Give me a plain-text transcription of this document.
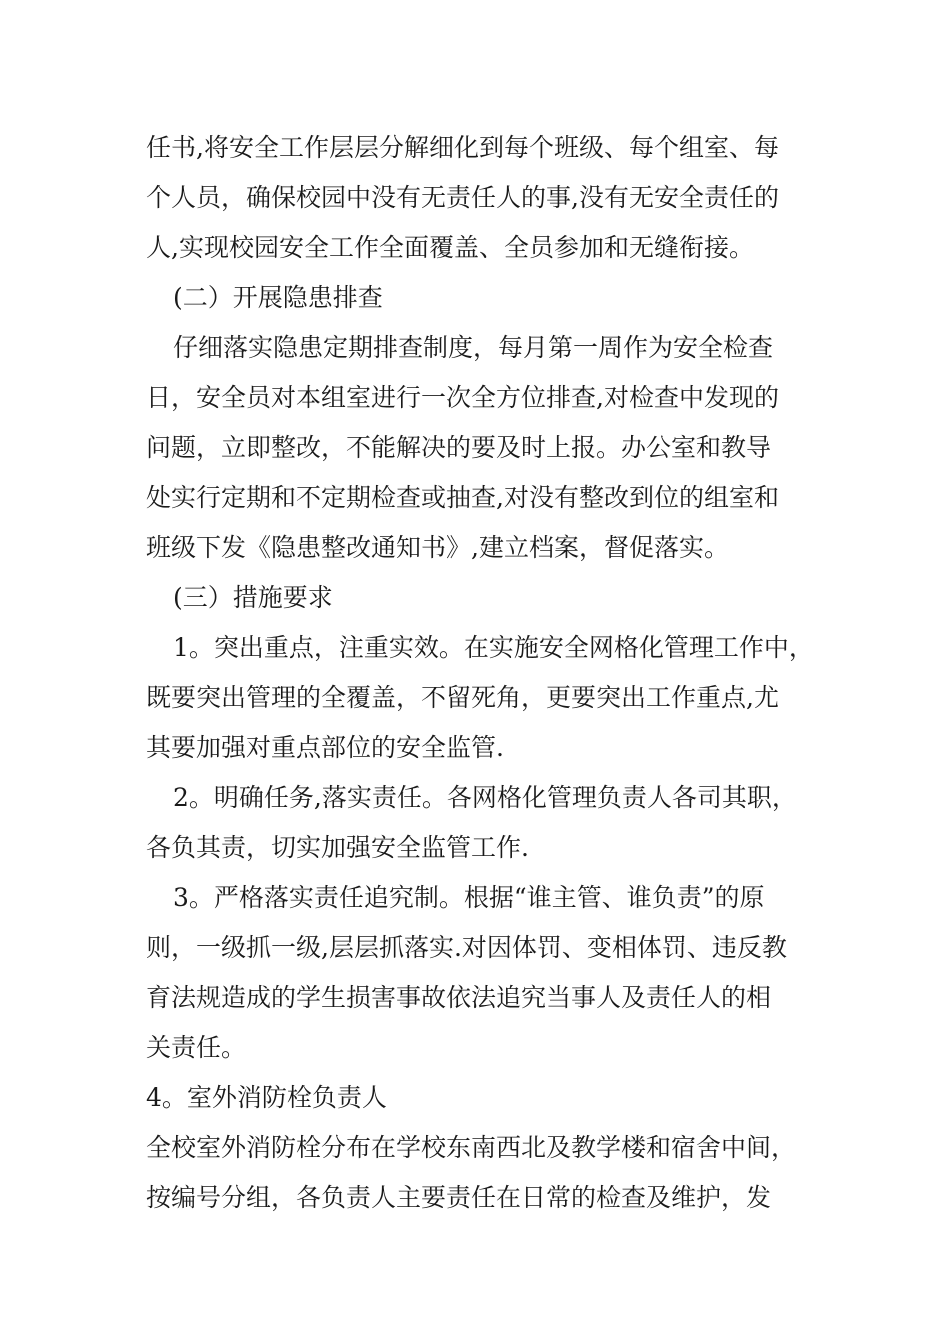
任书,将安全工作层层分解细化到每个班级、每个组室、每
个人员，确保校园中没有无责任人的事,没有无安全责任的
人,实现校园安全工作全面覆盖、全员参加和无缝衔接。
(二）开展隐患排查
仔细落实隐患定期排查制度，每月第一周作为安全检查
日，安全员对本组室进行一次全方位排查,对检查中发现的
问题，立即整改，不能解决的要及时上报。办公室和教导
处实行定期和不定期检查或抽查,对没有整改到位的组室和
班级下发《隐患整改通知书》,建立档案，督促落实。
(三）措施要求
1。突出重点，注重实效。在实施安全网格化管理工作中，
既要突出管理的全覆盖，不留死角，更要突出工作重点,尤
其要加强对重点部位的安全监管.
2。明确任务,落实责任。各网格化管理负责人各司其职，
各负其责，切实加强安全监管工作.
3。严格落实责任追究制。根据“谁主管、谁负责”的原
则，一级抓一级,层层抓落实.对因体罚、变相体罚、违反教
育法规造成的学生损害事故依法追究当事人及责任人的相
关责任。
4。室外消防栓负责人
全校室外消防栓分布在学校东南西北及教学楼和宿舍中间，
按编号分组，各负责人主要责任在日常的检查及维护，发
